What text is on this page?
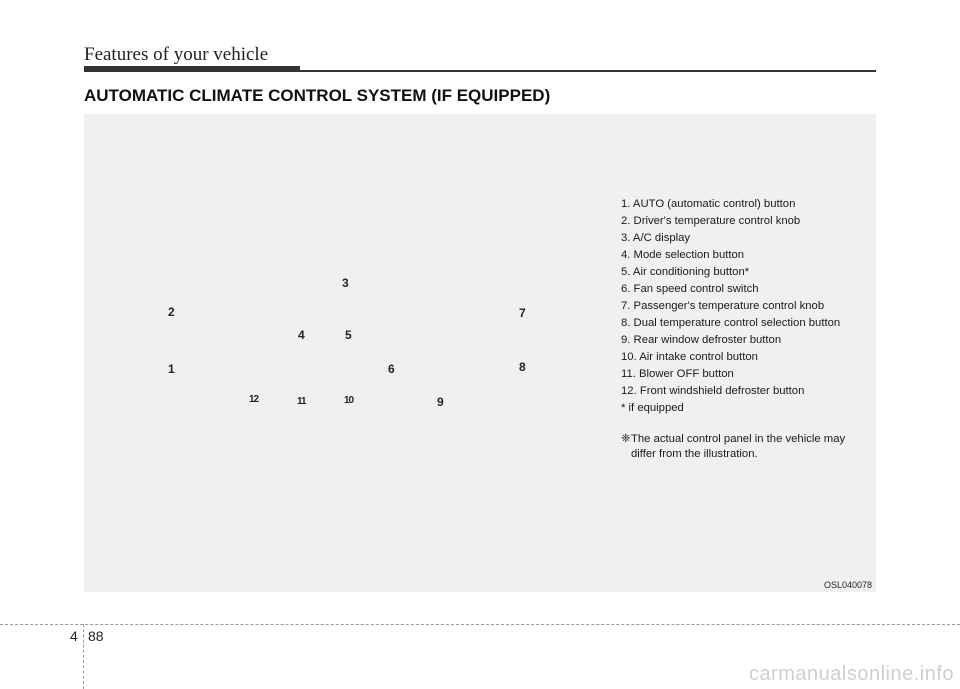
Features of your vehicle
AUTOMATIC CLIMATE CONTROL SYSTEM (IF EQUIPPED)
1
2
3
4	5
6
7
8
9
10
11
12
1. AUTO (automatic control) button
2. Driver's temperature control knob
3. A/C display
4. Mode selection button
5. Air conditioning button*
6. Fan speed control switch
7. Passenger's temperature control knob
8. Dual temperature control selection button
9. Rear window defroster button
10. Air intake control button
11. Blower OFF button
12. Front windshield defroster button
* if equipped
❈ The actual control panel in the vehicle may differ from the illustration.
OSL040078
4 88
carmanualsonline.info
